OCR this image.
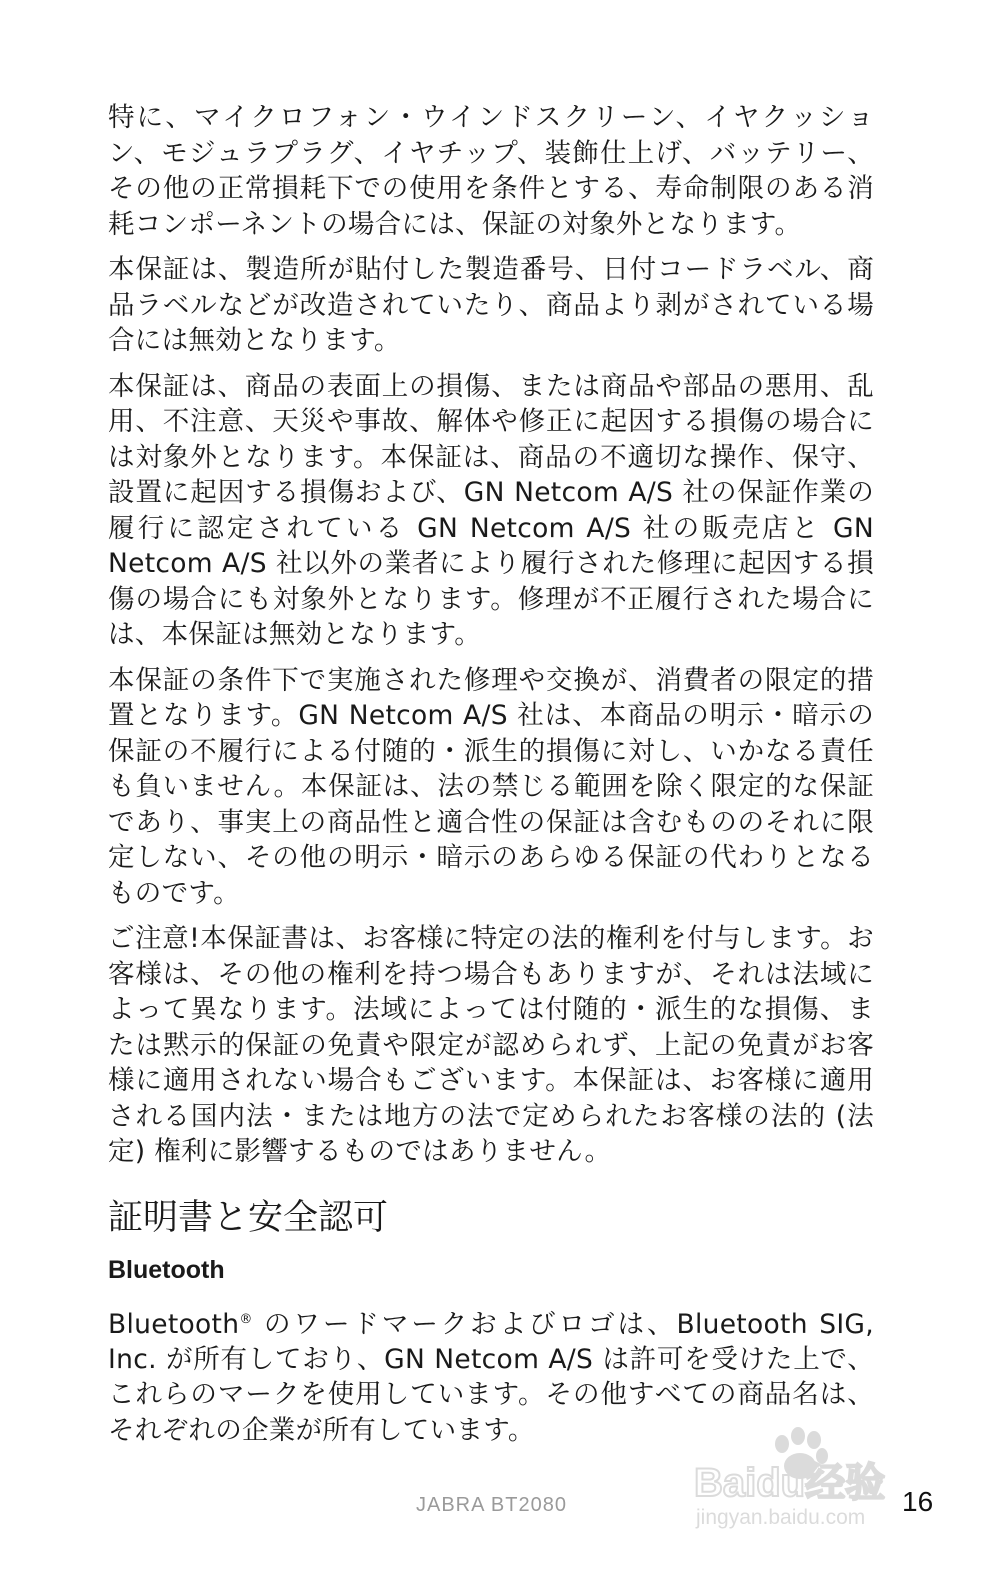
特に、マイクロフォン・ウインドスクリーン、イヤクッション、モジュラプラグ、イヤチップ、装飾仕上げ、バッテリー、その他の正常損耗下での使用を条件とする、寿命制限のある消耗コンポーネントの場合には、保証の対象外となります。

本保証は、製造所が貼付した製造番号、日付コードラベル、商品ラベルなどが改造されていたり、商品より剥がされている場合には無効となります。

本保証は、商品の表面上の損傷、または商品や部品の悪用、乱用、不注意、天災や事故、解体や修正に起因する損傷の場合には対象外となります。本保証は、商品の不適切な操作、保守、設置に起因する損傷および、GN Netcom A/S 社の保証作業の履行に認定されている GN Netcom A/S 社の販売店と GN Netcom A/S 社以外の業者により履行された修理に起因する損傷の場合にも対象外となります。修理が不正履行された場合には、本保証は無効となります。

本保証の条件下で実施された修理や交換が、消費者の限定的措置となります。GN Netcom A/S 社は、本商品の明示・暗示の保証の不履行による付随的・派生的損傷に対し、いかなる責任も負いません。本保証は、法の禁じる範囲を除く限定的な保証であり、事実上の商品性と適合性の保証は含むもののそれに限定しない、その他の明示・暗示のあらゆる保証の代わりとなるものです。

ご注意!本保証書は、お客様に特定の法的権利を付与します。お客様は、その他の権利を持つ場合もありますが、それは法域によって異なります。法域によっては付随的・派生的な損傷、または黙示的保証の免責や限定が認められず、上記の免責がお客様に適用されない場合もございます。本保証は、お客様に適用される国内法・または地方の法で定められたお客様の法的 (法定) 権利に影響するものではありません。

証明書と安全認可
Bluetooth

Bluetooth® のワードマークおよびロゴは、Bluetooth SIG, Inc. が所有しており、GN Netcom A/S は許可を受けた上で、これらのマークを使用しています。その他すべての商品名は、それぞれの企業が所有しています。

JABRA BT2080	16
Baidu经验
jingyan.baidu.com
